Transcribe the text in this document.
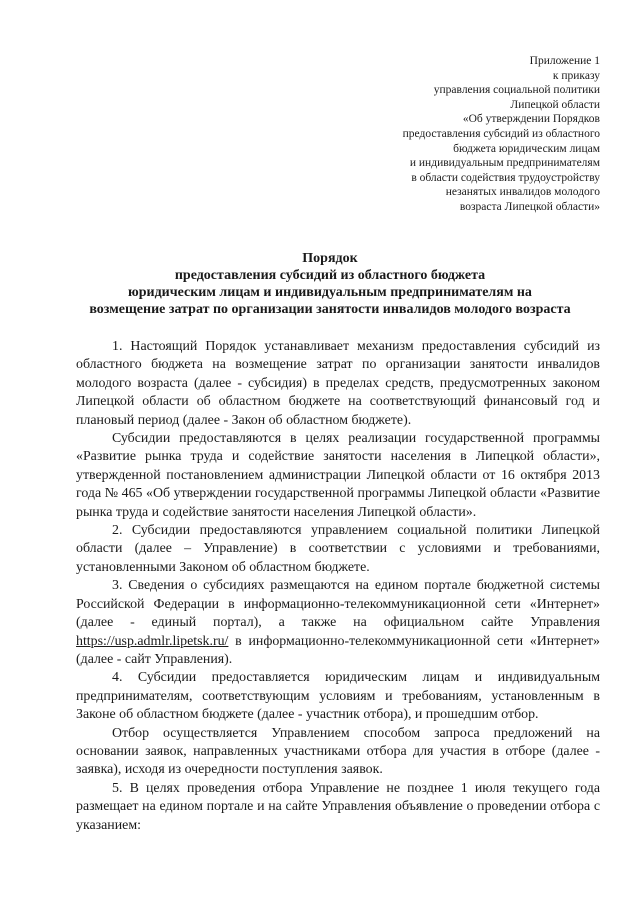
Приложение 1
к приказу
управления социальной политики
Липецкой области
«Об утверждении Порядков
предоставления субсидий из областного
бюджета юридическим лицам
и индивидуальным предпринимателям
в области содействия трудоустройству
незанятых инвалидов молодого
возраста Липецкой области»
Порядок
предоставления субсидий из областного бюджета
юридическим лицам и индивидуальным предпринимателям на
возмещение затрат по организации занятости инвалидов молодого возраста

1. Настоящий Порядок устанавливает механизм предоставления субсидий из областного бюджета на возмещение затрат по организации занятости инвалидов молодого возраста (далее - субсидия) в пределах средств, предусмотренных законом Липецкой области об областном бюджете на соответствующий финансовый год и плановый период (далее - Закон об областном бюджете).

Субсидии предоставляются в целях реализации государственной программы «Развитие рынка труда и содействие занятости населения в Липецкой области», утвержденной постановлением администрации Липецкой области от 16 октября 2013 года № 465 «Об утверждении государственной программы Липецкой области «Развитие рынка труда и содействие занятости населения Липецкой области».

2. Субсидии предоставляются управлением социальной политики Липецкой области (далее – Управление) в соответствии с условиями и требованиями, установленными Законом об областном бюджете.

3. Сведения о субсидиях размещаются на едином портале бюджетной системы Российской Федерации в информационно-телекоммуникационной сети «Интернет» (далее - единый портал), а также на официальном сайте Управления https://usp.admlr.lipetsk.ru/ в информационно-телекоммуникационной сети «Интернет» (далее - сайт Управления).

4. Субсидии предоставляется юридическим лицам и индивидуальным предпринимателям, соответствующим условиям и требованиям, установленным в Законе об областном бюджете (далее - участник отбора), и прошедшим отбор.

Отбор осуществляется Управлением способом запроса предложений на основании заявок, направленных участниками отбора для участия в отборе (далее - заявка), исходя из очередности поступления заявок.

5. В целях проведения отбора Управление не позднее 1 июля текущего года размещает на едином портале и на сайте Управления объявление о проведении отбора с указанием:
